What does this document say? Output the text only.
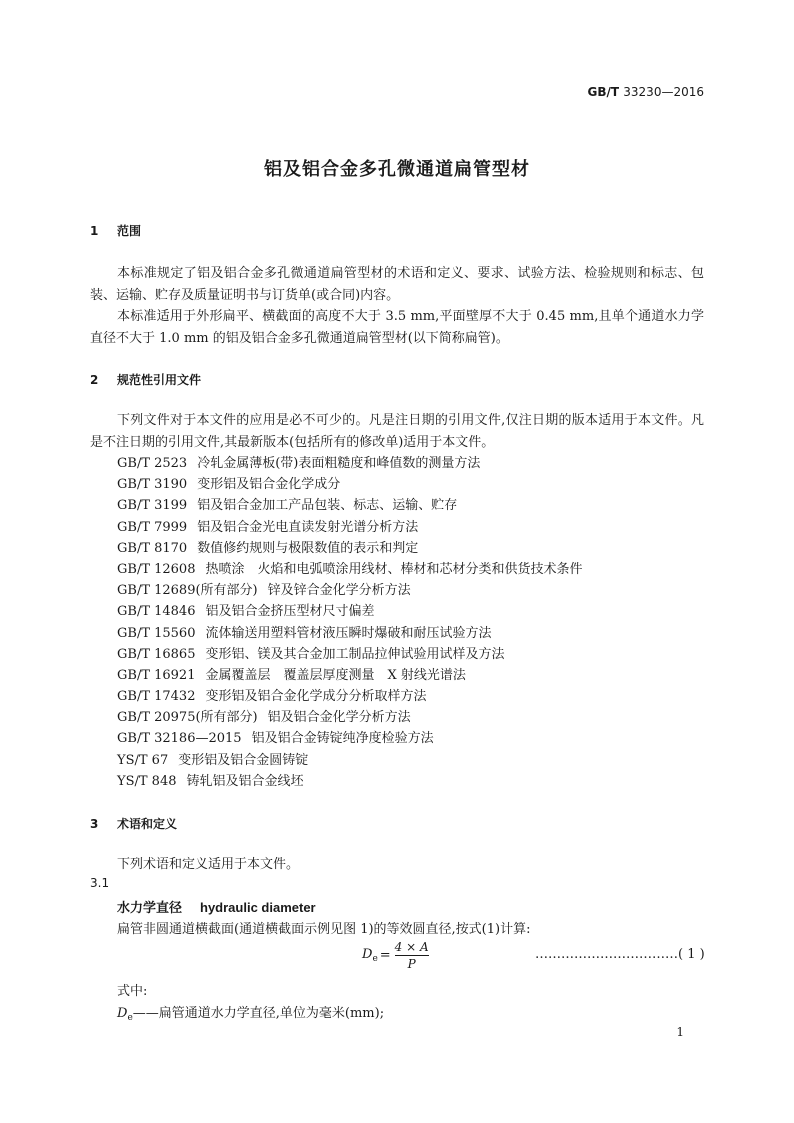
GB/T 33230—2016
铝及铝合金多孔微通道扁管型材
1 范围
本标准规定了铝及铝合金多孔微通道扁管型材的术语和定义、要求、试验方法、检验规则和标志、包装、运输、贮存及质量证明书与订货单(或合同)内容。
本标准适用于外形扁平、横截面的高度不大于 3.5 mm,平面壁厚不大于 0.45 mm,且单个通道水力学直径不大于 1.0 mm 的铝及铝合金多孔微通道扁管型材(以下简称扁管)。
2 规范性引用文件
下列文件对于本文件的应用是必不可少的。凡是注日期的引用文件,仅注日期的版本适用于本文件。凡是不注日期的引用文件,其最新版本(包括所有的修改单)适用于本文件。
GB/T 2523 冷轧金属薄板(带)表面粗糙度和峰值数的测量方法
GB/T 3190 变形铝及铝合金化学成分
GB/T 3199 铝及铝合金加工产品包装、标志、运输、贮存
GB/T 7999 铝及铝合金光电直读发射光谱分析方法
GB/T 8170 数值修约规则与极限数值的表示和判定
GB/T 12608 热喷涂　火焰和电弧喷涂用线材、棒材和芯材分类和供货技术条件
GB/T 12689(所有部分) 锌及锌合金化学分析方法
GB/T 14846 铝及铝合金挤压型材尺寸偏差
GB/T 15560 流体输送用塑料管材液压瞬时爆破和耐压试验方法
GB/T 16865 变形铝、镁及其合金加工制品拉伸试验用试样及方法
GB/T 16921 金属覆盖层　覆盖层厚度测量　X 射线光谱法
GB/T 17432 变形铝及铝合金化学成分分析取样方法
GB/T 20975(所有部分) 铝及铝合金化学分析方法
GB/T 32186—2015 铝及铝合金铸锭纯净度检验方法
YS/T 67 变形铝及铝合金圆铸锭
YS/T 848 铸轧铝及铝合金线坯
3 术语和定义
下列术语和定义适用于本文件。
3.1
水力学直径 hydraulic diameter
扁管非圆通道横截面(通道横截面示例见图 1)的等效圆直径,按式(1)计算:
$D_e = \frac{4 \times A}{P}$	……………………………( 1 )
式中:
$D_e——$扁管通道水力学直径,单位为毫米(mm);
1
